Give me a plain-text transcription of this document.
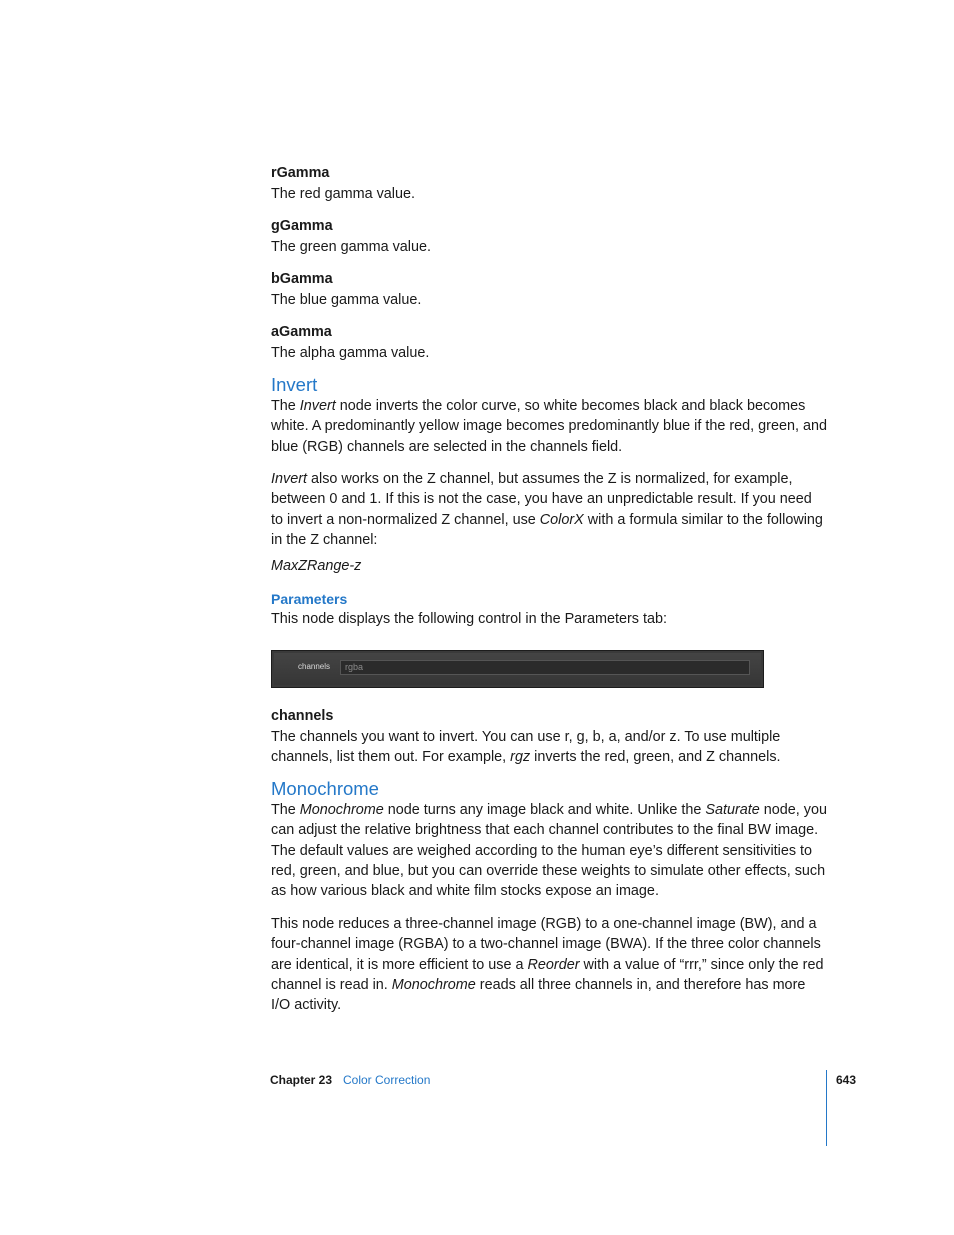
rGamma
The red gamma value.
gGamma
The green gamma value.
bGamma
The blue gamma value.
aGamma
The alpha gamma value.
Invert

The Invert node inverts the color curve, so white becomes black and black becomes white. A predominantly yellow image becomes predominantly blue if the red, green, and blue (RGB) channels are selected in the channels field.

Invert also works on the Z channel, but assumes the Z is normalized, for example, between 0 and 1. If this is not the case, you have an unpredictable result. If you need to invert a non-normalized Z channel, use ColorX with a formula similar to the following in the Z channel:

MaxZRange-z
Parameters
This node displays the following control in the Parameters tab:
channels rgba
channels

The channels you want to invert. You can use r, g, b, a, and/or z. To use multiple channels, list them out. For example, rgz inverts the red, green, and Z channels.

Monochrome

The Monochrome node turns any image black and white. Unlike the Saturate node, you can adjust the relative brightness that each channel contributes to the final BW image. The default values are weighed according to the human eye’s different sensitivities to red, green, and blue, but you can override these weights to simulate other effects, such as how various black and white film stocks expose an image.

This node reduces a three-channel image (RGB) to a one-channel image (BW), and a four-channel image (RGBA) to a two-channel image (BWA). If the three color channels are identical, it is more efficient to use a Reorder with a value of “rrr,” since only the red channel is read in. Monochrome reads all three channels in, and therefore has more I/O activity.

Chapter 23 Color Correction	643
